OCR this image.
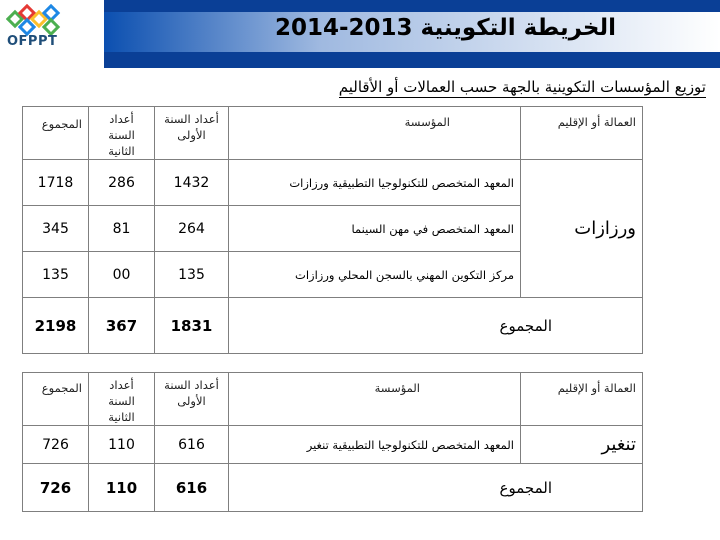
OFPPT
الخريطة التكوينية 2013-2014
توزيع المؤسسات التكوينية بالجهة حسب العمالات أو الأقاليم
المجموع	أعداد السنة الثانية	أعداد السنة الأولى	المؤسسة	العمالة أو الإقليم
1718	286	1432	المعهد المتخصص للتكنولوجيا التطبيقية ورزازات	ورزازات
345	81	264	المعهد المتخصص في مهن السينما	
135	00	135	مركز التكوين المهني بالسجن المحلي ورزازات	
2198	367	1831	المجموع	
المجموع	أعداد السنة الثانية	أعداد السنة الأولى	المؤسسة	العمالة أو الإقليم
726	110	616	المعهد المتخصص للتكنولوجيا التطبيقية تنغير	تنغير
726	110	616	المجموع	
